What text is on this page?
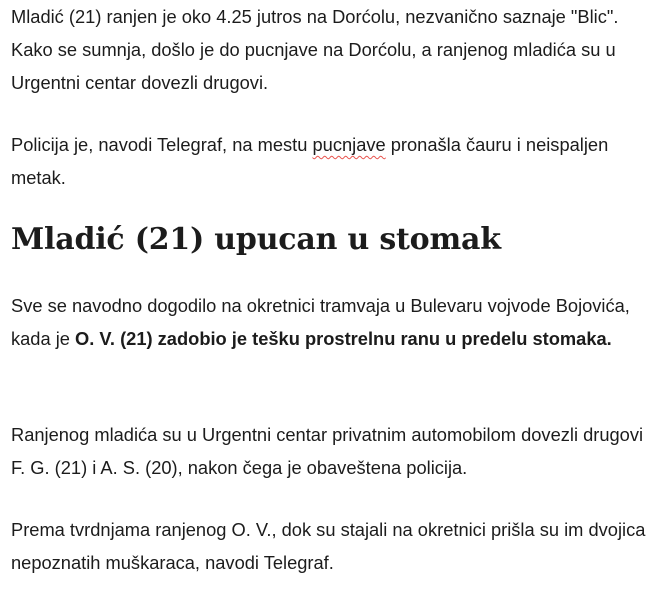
Mladić (21) ranjen je oko 4.25 jutros na Dorćolu, nezvanično saznaje "Blic". Kako se sumnja, došlo je do pucnjave na Dorćolu, a ranjenog mladića su u Urgentni centar dovezli drugovi.

Policija je, navodi Telegraf, na mestu pucnjave pronašla čauru i neispaljen metak.

Mladić (21) upucan u stomak

Sve se navodno dogodilo na okretnici tramvaja u Bulevaru vojvode Bojovića, kada je O. V. (21) zadobio je tešku prostrelnu ranu u predelu stomaka.

Ranjenog mladića su u Urgentni centar privatnim automobilom dovezli drugovi F. G. (21) i A. S. (20), nakon čega je obaveštena policija.

Prema tvrdnjama ranjenog O. V., dok su stajali na okretnici prišla su im dvojica nepoznatih muškaraca, navodi Telegraf.
